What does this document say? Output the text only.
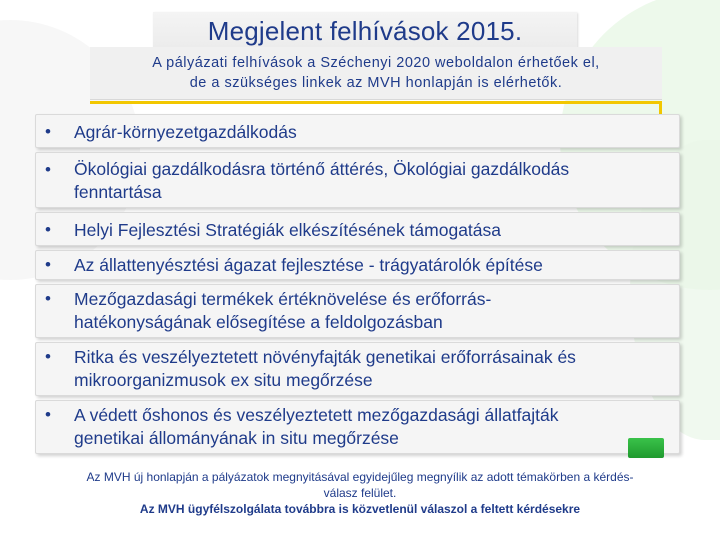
Megjelent felhívások 2015.
A pályázati felhívások a Széchenyi 2020 weboldalon érhetőek el,
de a szükséges linkek az MVH honlapján is elérhetők.
• Agrár-környezetgazdálkodás
• Ökológiai gazdálkodásra történő áttérés, Ökológiai gazdálkodás
fenntartása
• Helyi Fejlesztési Stratégiák elkészítésének támogatása
• Az állattenyésztési ágazat fejlesztése - trágyatárolók építése
• Mezőgazdasági termékek értéknövelése és erőforrás-
hatékonyságának elősegítése a feldolgozásban
• Ritka és veszélyeztetett növényfajták genetikai erőforrásainak és
mikroorganizmusok ex situ megőrzése
• A védett őshonos és veszélyeztetett mezőgazdasági állatfajták
genetikai állományának in situ megőrzése
Az MVH új honlapján a pályázatok megnyitásával egyidejűleg megnyílik az adott témakörben a kérdés-
válasz felület.
Az MVH ügyfélszolgálata továbbra is közvetlenül válaszol a feltett kérdésekre
